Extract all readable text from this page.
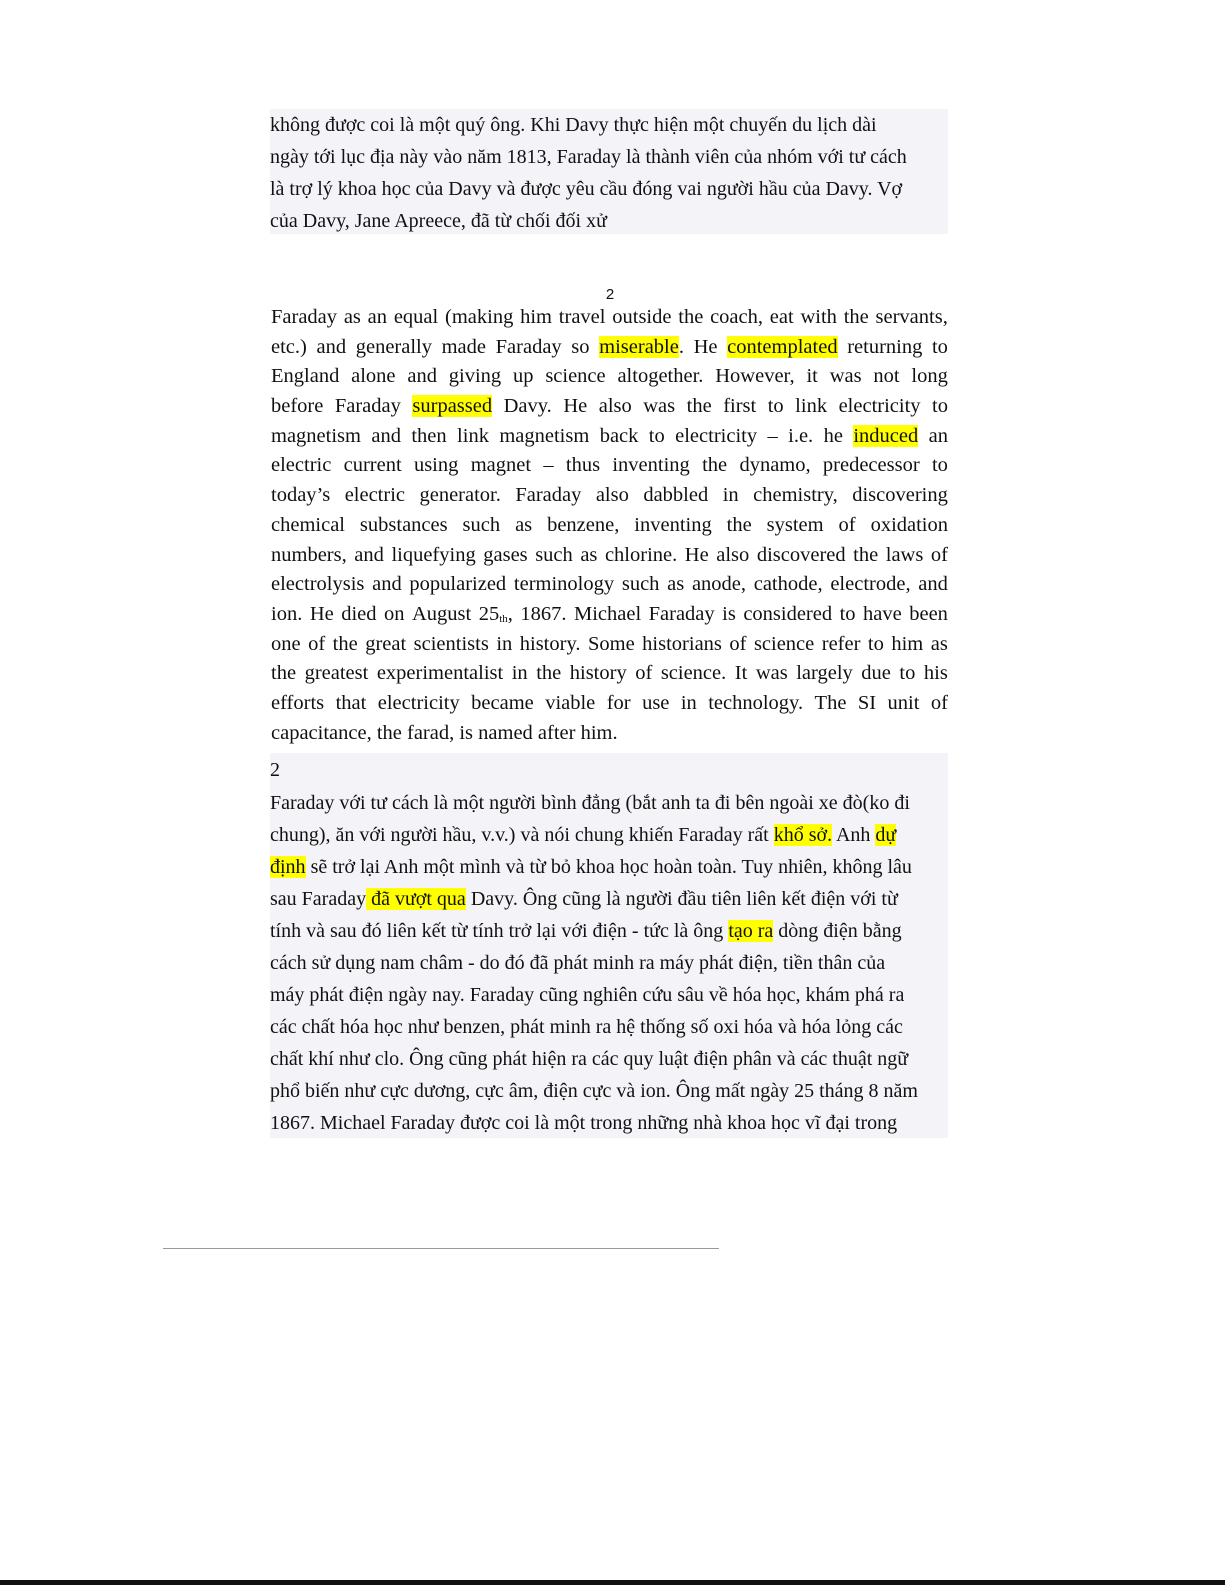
không được coi là một quý ông. Khi Davy thực hiện một chuyến du lịch dài
ngày tới lục địa này vào năm 1813, Faraday là thành viên của nhóm với tư cách
là trợ lý khoa học của Davy và được yêu cầu đóng vai người hầu của Davy. Vợ
của Davy, Jane Apreece, đã từ chối đối xử
2
Faraday as an equal (making him travel outside the coach, eat with the servants,
etc.) and generally made Faraday so miserable. He contemplated returning to
England alone and giving up science altogether. However, it was not long
before Faraday surpassed Davy. He also was the first to link electricity to
magnetism and then link magnetism back to electricity – i.e. he induced an
electric current using magnet – thus inventing the dynamo, predecessor to
today’s electric generator. Faraday also dabbled in chemistry, discovering
chemical substances such as benzene, inventing the system of oxidation
numbers, and liquefying gases such as chlorine. He also discovered the laws of
electrolysis and popularized terminology such as anode, cathode, electrode, and
ion. He died on August $25_{th}$, 1867. Michael Faraday is considered to have been
one of the great scientists in history. Some historians of science refer to him as
the greatest experimentalist in the history of science. It was largely due to his
efforts that electricity became viable for use in technology. The SI unit of
capacitance, the farad, is named after him.
2
Faraday với tư cách là một người bình đẳng (bắt anh ta đi bên ngoài xe đò(ko đi
chung), ăn với người hầu, v.v.) và nói chung khiến Faraday rất khổ sở. Anh dự
định sẽ trở lại Anh một mình và từ bỏ khoa học hoàn toàn. Tuy nhiên, không lâu
sau Faraday đã vượt qua Davy. Ông cũng là người đầu tiên liên kết điện với từ
tính và sau đó liên kết từ tính trở lại với điện - tức là ông tạo ra dòng điện bằng
cách sử dụng nam châm - do đó đã phát minh ra máy phát điện, tiền thân của
máy phát điện ngày nay. Faraday cũng nghiên cứu sâu về hóa học, khám phá ra
các chất hóa học như benzen, phát minh ra hệ thống số oxi hóa và hóa lỏng các
chất khí như clo. Ông cũng phát hiện ra các quy luật điện phân và các thuật ngữ
phổ biến như cực dương, cực âm, điện cực và ion. Ông mất ngày 25 tháng 8 năm
1867. Michael Faraday được coi là một trong những nhà khoa học vĩ đại trong
